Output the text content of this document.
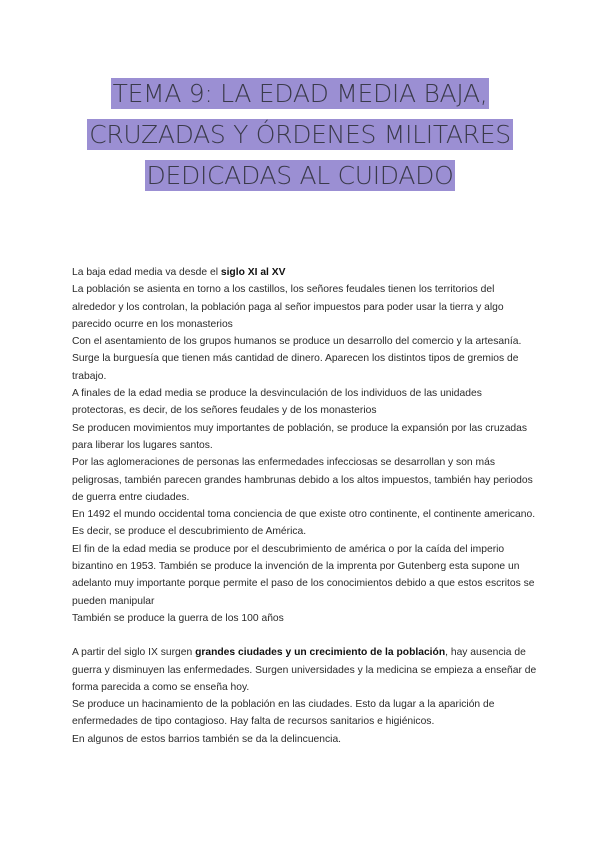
TEMA 9: LA EDAD MEDIA BAJA,
CRUZADAS Y ÓRDENES MILITARES
DEDICADAS AL CUIDADO

La baja edad media va desde el siglo XI al XV

La población se asienta en torno a los castillos, los señores feudales tienen los territorios del alrededor y los controlan, la población paga al señor impuestos para poder usar la tierra y algo parecido ocurre en los monasterios

Con el asentamiento de los grupos humanos se produce un desarrollo del comercio y la artesanía.

Surge la burguesía que tienen más cantidad de dinero. Aparecen los distintos tipos de gremios de trabajo.

A finales de la edad media se produce la desvinculación de los individuos de las unidades protectoras, es decir, de los señores feudales y de los monasterios

Se producen movimientos muy importantes de población, se produce la expansión por las cruzadas para liberar los lugares santos.

Por las aglomeraciones de personas las enfermedades infecciosas se desarrollan y son más peligrosas, también parecen grandes hambrunas debido a los altos impuestos, también hay periodos de guerra entre ciudades.

En 1492 el mundo occidental toma conciencia de que existe otro continente, el continente americano. Es decir, se produce el descubrimiento de América.

El fin de la edad media se produce por el descubrimiento de américa o por la caída del imperio bizantino en 1953. También se produce la invención de la imprenta por Gutenberg esta supone un adelanto muy importante porque permite el paso de los conocimientos debido a que estos escritos se pueden manipular

También se produce la guerra de los 100 años

A partir del siglo IX surgen grandes ciudades y un crecimiento de la población, hay ausencia de guerra y disminuyen las enfermedades. Surgen universidades y la medicina se empieza a enseñar de forma parecida a como se enseña hoy.

Se produce un hacinamiento de la población en las ciudades. Esto da lugar a la aparición de enfermedades de tipo contagioso. Hay falta de recursos sanitarios e higiénicos.

En algunos de estos barrios también se da la delincuencia.
